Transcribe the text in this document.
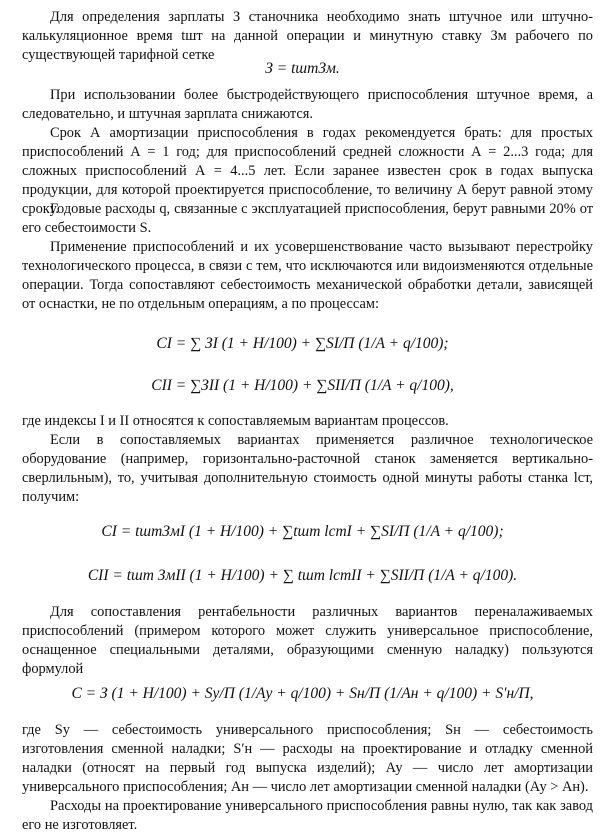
Для определения зарплаты З станочника необходимо знать штучное или штучно-калькуляционное время tшт на данной операции и минутную ставку Зм рабочего по существующей тарифной сетке

З = tштЗм.

При использовании более быстродействующего приспособления штучное время, а следовательно, и штучная зарплата снижаются.

Срок А амортизации приспособления в годах рекомендуется брать: для простых приспособлений А = 1 год; для приспособлений средней сложности А = 2...3 года; для сложных приспособлений А = 4...5 лет. Если заранее известен срок в годах выпуска продукции, для которой проектируется приспособление, то величину А берут равной этому сроку.

Годовые расходы q, связанные с эксплуатацией приспособления, берут равными 20% от его себестоимости S.

Применение приспособлений и их усовершенствование часто вызывают перестройку технологического процесса, в связи с тем, что исключаются или видоизменяются отдельные операции. Тогда сопоставляют себестоимость механической обработки детали, зависящей от оснастки, не по отдельным операциям, а по процессам:

CI = ∑ ЗI (1 + H/100) + ∑SI/П (1/A + q/100);
CII = ∑ЗII (1 + H/100) + ∑SII/П (1/A + q/100),

где индексы I и II относятся к сопоставляемым вариантам процессов.

Если в сопоставляемых вариантах применяется различное технологическое оборудование (например, горизонтально-расточной станок заменяется вертикально-сверлильным), то, учитывая дополнительную стоимость одной минуты работы станка lст, получим:

CI = tштЗмI (1 + H/100) + ∑tшт lстI + ∑SI/П (1/A + q/100);
CII = tшт ЗмII (1 + H/100) + ∑ tшт lстII + ∑SII/П (1/A + q/100).

Для сопоставления рентабельности различных вариантов переналаживаемых приспособлений (примером которого может служить универсальное приспособление, оснащенное специальными деталями, образующими сменную наладку) пользуются формулой

C = З (1 + H/100) + Sу/П (1/Aу + q/100) + Sн/П (1/Aн + q/100) + S′н/П,

где Sу — себестоимость универсального приспособления; Sн — себестоимость изготовления сменной наладки; S′н — расходы на проектирование и отладку сменной наладки (относят на первый год выпуска изделий); Ау — число лет амортизации универсального приспособления; Ан — число лет амортизации сменной наладки (Ау > Ан).

Расходы на проектирование универсального приспособления равны нулю, так как завод его не изготовляет.
